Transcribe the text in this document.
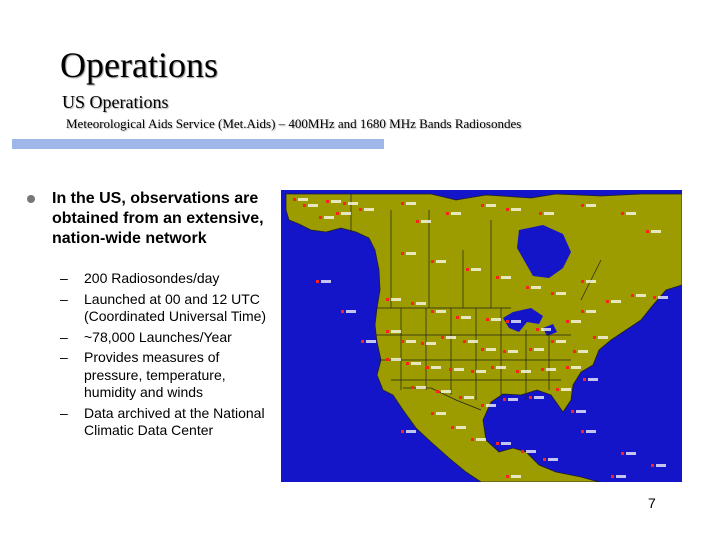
Operations
US Operations
Meteorological Aids Service (Met.Aids) – 400MHz and 1680 MHz Bands Radiosondes
In the US, observations are obtained from an extensive, nation-wide network
– 200 Radiosondes/day
– Launched at 00 and 12 UTC (Coordinated Universal Time)
– ~78,000 Launches/Year
– Provides measures of pressure, temperature, humidity and winds
– Data archived at the National Climatic Data Center
7
